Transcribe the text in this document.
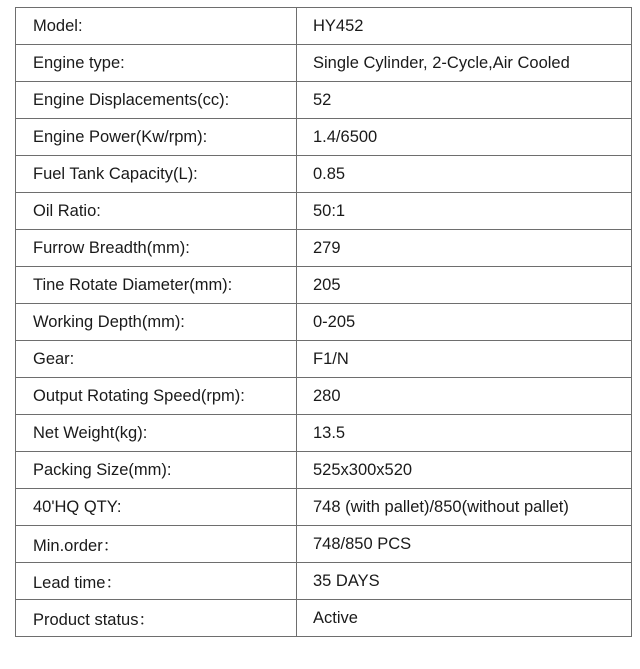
Model:	HY452
Engine type:	Single Cylinder, 2-Cycle,Air Cooled
Engine Displacements(cc):	52
Engine Power(Kw/rpm):	1.4/6500
Fuel Tank Capacity(L):	0.85
Oil Ratio:	50:1
Furrow Breadth(mm):	279
Tine Rotate Diameter(mm):	205
Working Depth(mm):	0-205
Gear:	F1/N
Output Rotating Speed(rpm):	280
Net Weight(kg):	13.5
Packing Size(mm):	525x300x520
40'HQ QTY:	748 (with pallet)/850(without pallet)
Min.order：	748/850 PCS
Lead time：	35 DAYS
Product status：	Active
